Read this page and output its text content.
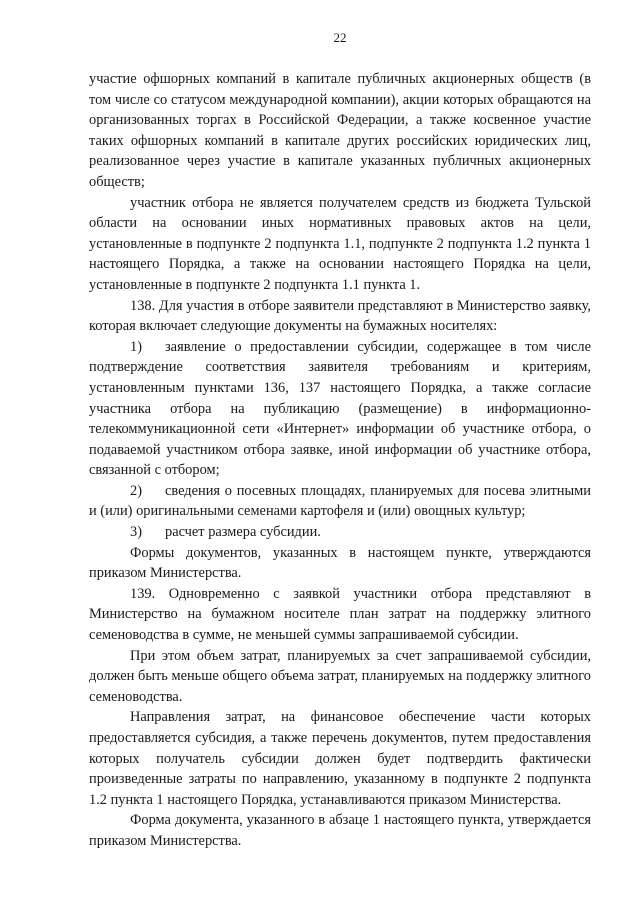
22

участие офшорных компаний в капитале публичных акционерных обществ (в том числе со статусом международной компании), акции которых обращаются на организованных торгах в Российской Федерации, а также косвенное участие таких офшорных компаний в капитале других российских юридических лиц, реализованное через участие в капитале указанных публичных акционерных обществ;

участник отбора не является получателем средств из бюджета Тульской области на основании иных нормативных правовых актов на цели, установленные в подпункте 2 подпункта 1.1, подпункте 2 подпункта 1.2 пункта 1 настоящего Порядка, а также на основании настоящего Порядка на цели, установленные в подпункте 2 подпункта 1.1 пункта 1.

138. Для участия в отборе заявители представляют в Министерство заявку, которая включает следующие документы на бумажных носителях:

1) заявление о предоставлении субсидии, содержащее в том числе подтверждение соответствия заявителя требованиям и критериям, установленным пунктами 136, 137 настоящего Порядка, а также согласие участника отбора на публикацию (размещение) в информационно-телекоммуникационной сети «Интернет» информации об участнике отбора, о подаваемой участником отбора заявке, иной информации об участнике отбора, связанной с отбором;

2) сведения о посевных площадях, планируемых для посева элитными и (или) оригинальными семенами картофеля и (или) овощных культур;

3) расчет размера субсидии.

Формы документов, указанных в настоящем пункте, утверждаются приказом Министерства.

139. Одновременно с заявкой участники отбора представляют в Министерство на бумажном носителе план затрат на поддержку элитного семеноводства в сумме, не меньшей суммы запрашиваемой субсидии.

При этом объем затрат, планируемых за счет запрашиваемой субсидии, должен быть меньше общего объема затрат, планируемых на поддержку элитного семеноводства.

Направления затрат, на финансовое обеспечение части которых предоставляется субсидия, а также перечень документов, путем предоставления которых получатель субсидии должен будет подтвердить фактически произведенные затраты по направлению, указанному в подпункте 2 подпункта 1.2 пункта 1 настоящего Порядка, устанавливаются приказом Министерства.

Форма документа, указанного в абзаце 1 настоящего пункта, утверждается приказом Министерства.
